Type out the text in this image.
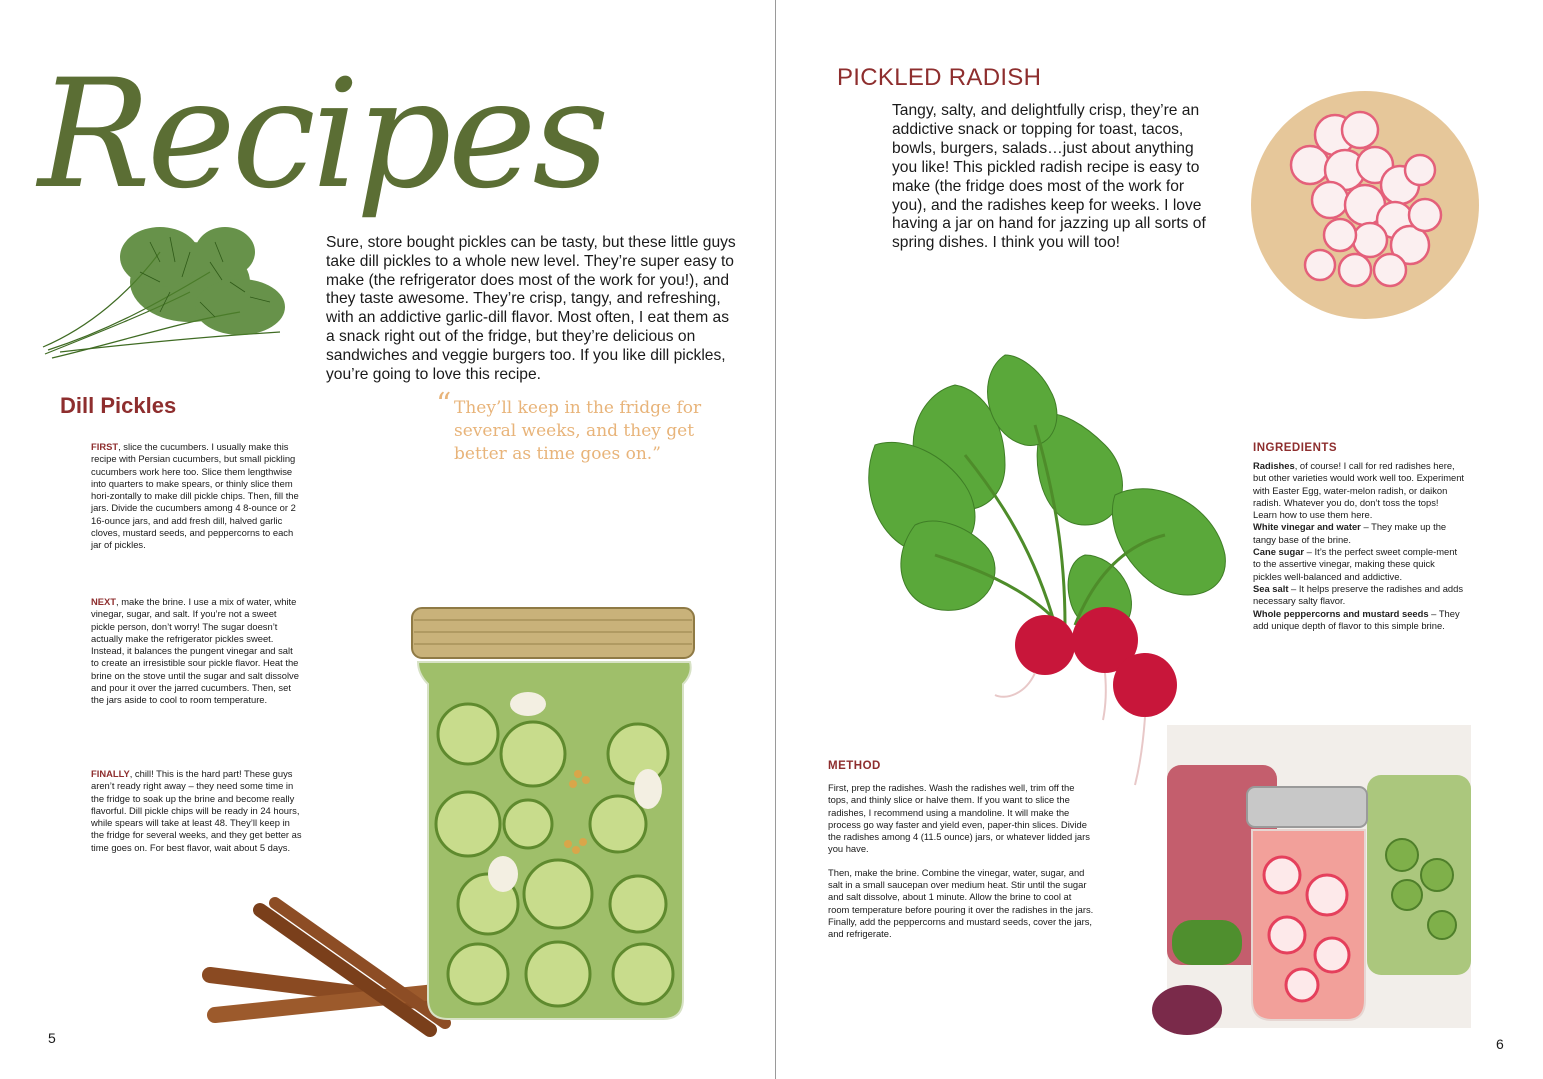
Recipes
Sure, store bought pickles can be tasty, but these little guys take dill pickles to a whole new level. They’re super easy to make (the refrigerator does most of the work for you!), and they taste awesome. They’re crisp, tangy, and refreshing, with an addictive garlic-dill flavor. Most often, I eat them as a snack right out of the fridge, but they’re delicious on sandwiches and veggie burgers too. If you like dill pickles, you’re going to love this recipe.
Dill Pickles	“ They’ll keep in the fridge for several weeks, and they get better as time goes on.”
FIRST, slice the cucumbers. I usually make this recipe with Persian cucumbers, but small pickling cucumbers work here too. Slice them lengthwise into quarters to make spears, or thinly slice them hori-zontally to make dill pickle chips. Then, fill the jars. Divide the cucumbers among 4 8-ounce or 2 16-ounce jars, and add fresh dill, halved garlic cloves, mustard seeds, and peppercorns to each jar of pickles.
NEXT, make the brine. I use a mix of water, white vinegar, sugar, and salt. If you’re not a sweet pickle person, don’t worry! The sugar doesn’t actually make the refrigerator pickles sweet. Instead, it balances the pungent vinegar and salt to create an irresistible sour pickle flavor. Heat the brine on the stove until the sugar and salt dissolve and pour it over the jarred cucumbers. Then, set the jars aside to cool to room temperature.
FINALLY, chill! This is the hard part! These guys aren’t ready right away – they need some time in the fridge to soak up the brine and become really flavorful. Dill pickle chips will be ready in 24 hours, while spears will take at least 48. They’ll keep in the fridge for several weeks, and they get better as time goes on. For best flavor, wait about 5 days.
5
PICKLED RADISH
Tangy, salty, and delightfully crisp, they’re an addictive snack or topping for toast, tacos, bowls, burgers, salads…just about anything you like! This pickled radish recipe is easy to make (the fridge does most of the work for you), and the radishes keep for weeks. I love having a jar on hand for jazzing up all sorts of spring dishes. I think you will too!
INGREDIENTS
Radishes, of course! I call for red radishes here, but other varieties would work well too. Experiment with Easter Egg, water-melon radish, or daikon radish. Whatever you do, don’t toss the tops! Learn how to use them here.
White vinegar and water – They make up the tangy base of the brine.
Cane sugar – It’s the perfect sweet comple-ment to the assertive vinegar, making these quick pickles well-balanced and addictive.
Sea salt – It helps preserve the radishes and adds necessary salty flavor.
Whole peppercorns and mustard seeds – They add unique depth of flavor to this simple brine.
METHOD

First, prep the radishes. Wash the radishes well, trim off the tops, and thinly slice or halve them. If you want to slice the radishes, I recommend using a mandoline. It will make the process go way faster and yield even, paper-thin slices. Divide the radishes among 4 (11.5 ounce) jars, or whatever lidded jars you have.

Then, make the brine. Combine the vinegar, water, sugar, and salt in a small saucepan over medium heat. Stir until the sugar and salt dissolve, about 1 minute. Allow the brine to cool at room temperature before pouring it over the radishes in the jars. Finally, add the peppercorns and mustard seeds, cover the jars, and refrigerate.

6
